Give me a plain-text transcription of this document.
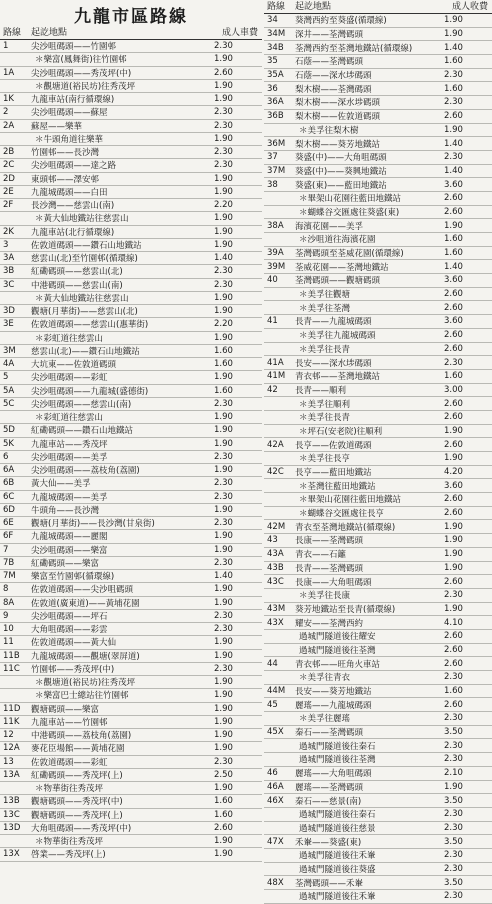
九龍市區路線
路線	起訖地點	成人車費
1	尖沙咀碼頭——竹園邨	2.30
＊樂富(鳳舞街)往竹園邨	1.90
1A	尖沙咀碼頭——秀茂坪(中)	2.60
＊觀塘道(裕民坊)往秀茂坪	1.90
1K	九龍車站(南行循環線)	1.90
2	尖沙咀碼頭——蘇屋	2.30
2A	蘇屋——樂華	2.30
＊牛頭角道往樂華	1.90
2B	竹園邨——長沙灣	2.30
2C	尖沙咀碼頭——達之路	2.30
2D	東頭邨——澤安邨	1.90
2E	九龍城碼頭——白田	1.90
2F	長沙灣——慈雲山(南)	2.20
＊黃大仙地鐵站往慈雲山	1.90
2K	九龍車站(北行循環線)	1.90
3	佐敦道碼頭——鑽石山地鐵站	1.90
3A	慈雲山(北)至竹園邨(循環線)	1.40
3B	紅磡碼頭——慈雲山(北)	2.30
3C	中港碼頭——慈雲山(南)	2.30
＊黃大仙地鐵站往慈雲山	1.90
3D	觀塘(月華街)——慈雲山(北)	1.90
3E	佐敦道碼頭——慈雲山(惠華街)	2.20
＊彩虹道往慈雲山	1.90
3M	慈雲山(北)——鑽石山地鐵站	1.60
4A	大坑東——佐敦道碼頭	1.60
5	尖沙咀碼頭——彩虹	1.90
5A	尖沙咀碼頭——九龍城(盛德街)	1.60
5C	尖沙咀碼頭——慈雲山(南)	2.30
＊彩虹道往慈雲山	1.90
5D	紅磡碼頭——鑽石山地鐵站	1.90
5K	九龍車站——秀茂坪	1.90
6	尖沙咀碼頭——美孚	2.30
6A	尖沙咀碼頭——荔枝角(荔園)	1.90
6B	黃大仙——美孚	2.30
6C	九龍城碼頭——美孚	2.30
6D	牛頭角——長沙灣	1.90
6E	觀塘(月華街)——長沙灣(甘泉街)	2.30
6F	九龍城碼頭——麗閣	1.90
7	尖沙咀碼頭——樂富	1.90
7B	紅磡碼頭——樂富	2.30
7M	樂富至竹園邨(循環線)	1.40
8	佐敦道碼頭——尖沙咀碼頭	1.90
8A	佐敦道(廣東道)——黃埔花園	1.90
9	尖沙咀碼頭——坪石	2.30
10	大角咀碼頭——彩雲	2.30
11	佐敦道碼頭——黃大仙	1.90
11B	九龍城碼頭——觀塘(翠屏道)	1.90
11C	竹園邨——秀茂坪(中)	2.30
＊觀塘道(裕民坊)往秀茂坪	1.90
＊樂富巴士總站往竹園邨	1.90
11D	觀塘碼頭——樂富	1.90
11K	九龍車站——竹園邨	1.90
12	中港碼頭——荔枝角(荔園)	1.90
12A	麥花臣場館——黃埔花園	1.90
13	佐敦道碼頭——彩虹	2.30
13A	紅磡碼頭——秀茂坪(上)	2.50
＊物華街往秀茂坪	1.90
13B	觀塘碼頭——秀茂坪(中)	1.60
13C	觀塘碼頭——秀茂坪(上)	1.60
13D	大角咀碼頭——秀茂坪(中)	2.60
＊物華街往秀茂坪	1.90
13X	啓業——秀茂坪(上)	1.90
路線	起訖地點	成人收費
34	葵灣西約至葵盛(循環線)	1.90
34M	深井——荃灣碼頭	1.90
34B	荃灣西約至荃灣地鐵站(循環線)	1.40
35	石蔭——荃灣碼頭	1.60
35A	石蔭——深水埗碼頭	2.30
36	梨木樹——荃灣碼頭	1.60
36A	梨木樹——深水埗碼頭	2.30
36B	梨木樹——佐敦道碼頭	2.60
＊美孚往梨木樹	1.90
36M	梨木樹——葵芳地鐵站	1.40
37	葵盛(中)——大角咀碼頭	2.30
37M	葵盛(中)——葵興地鐵站	1.40
38	葵盛(東)——藍田地鐵站	3.60
＊畢架山花園往藍田地鐵站	2.60
＊蝴蝶谷交匯處往葵盛(東)	2.60
38A	海濱花園——美孚	1.90
＊沙咀道往海濱花園	1.60
39A	荃灣碼頭至荃威花園(循環線)	1.60
39M	荃威花園——荃灣地鐵站	1.40
40	荃灣碼頭——觀塘碼頭	3.60
＊美孚往觀塘	2.60
＊美孚往荃灣	2.60
41	長青——九龍城碼頭	3.60
＊美孚往九龍城碼頭	2.60
＊美孚往長青	2.60
41A	長安——深水埗碼頭	2.30
41M	青衣邨——荃灣地鐵站	1.60
42	長青——順利	3.00
＊美孚往順利	2.60
＊美孚往長青	2.60
＊坪石(安老院)往順利	1.90
42A	長亨——佐敦道碼頭	2.60
＊美孚往長亨	1.90
42C	長亨——藍田地鐵站	4.20
＊荃灣往藍田地鐵站	3.60
＊畢架山花園往藍田地鐵站	2.60
＊蝴蝶谷交匯處往長亨	2.60
42M	青衣至荃灣地鐵站(循環線)	1.90
43	長康——荃灣碼頭	1.90
43A	青衣——石籬	1.90
43B	長青——荃灣碼頭	1.90
43C	長康——大角咀碼頭	2.60
＊美孚往長康	2.30
43M	葵芳地鐵站至長青(循環線)	1.90
43X	耀安——荃灣西約	4.10
過城門隧道後往耀安	2.60
過城門隧道後往荃灣	2.60
44	青衣邨——旺角火車站	2.60
＊美孚往青衣	2.30
44M	長安——葵芳地鐵站	1.60
45	麗瑤——九龍城碼頭	2.60
＊美孚往麗瑤	2.30
45X	秦石——荃灣碼頭	3.50
過城門隧道後往秦石	2.30
過城門隧道後往荃灣	2.30
46	麗瑤——大角咀碼頭	2.10
46A	麗瑤——荃灣碼頭	1.90
46X	秦石——慈景(南)	3.50
過城門隧道後往秦石	2.30
過城門隧道後往慈景	2.30
47X	禾輋——葵盛(東)	3.50
過城門隧道後往禾輋	2.30
過城門隧道後往葵盛	2.30
48X	荃灣碼頭——禾輋	3.50
過城門隧道後往禾輋	2.30
